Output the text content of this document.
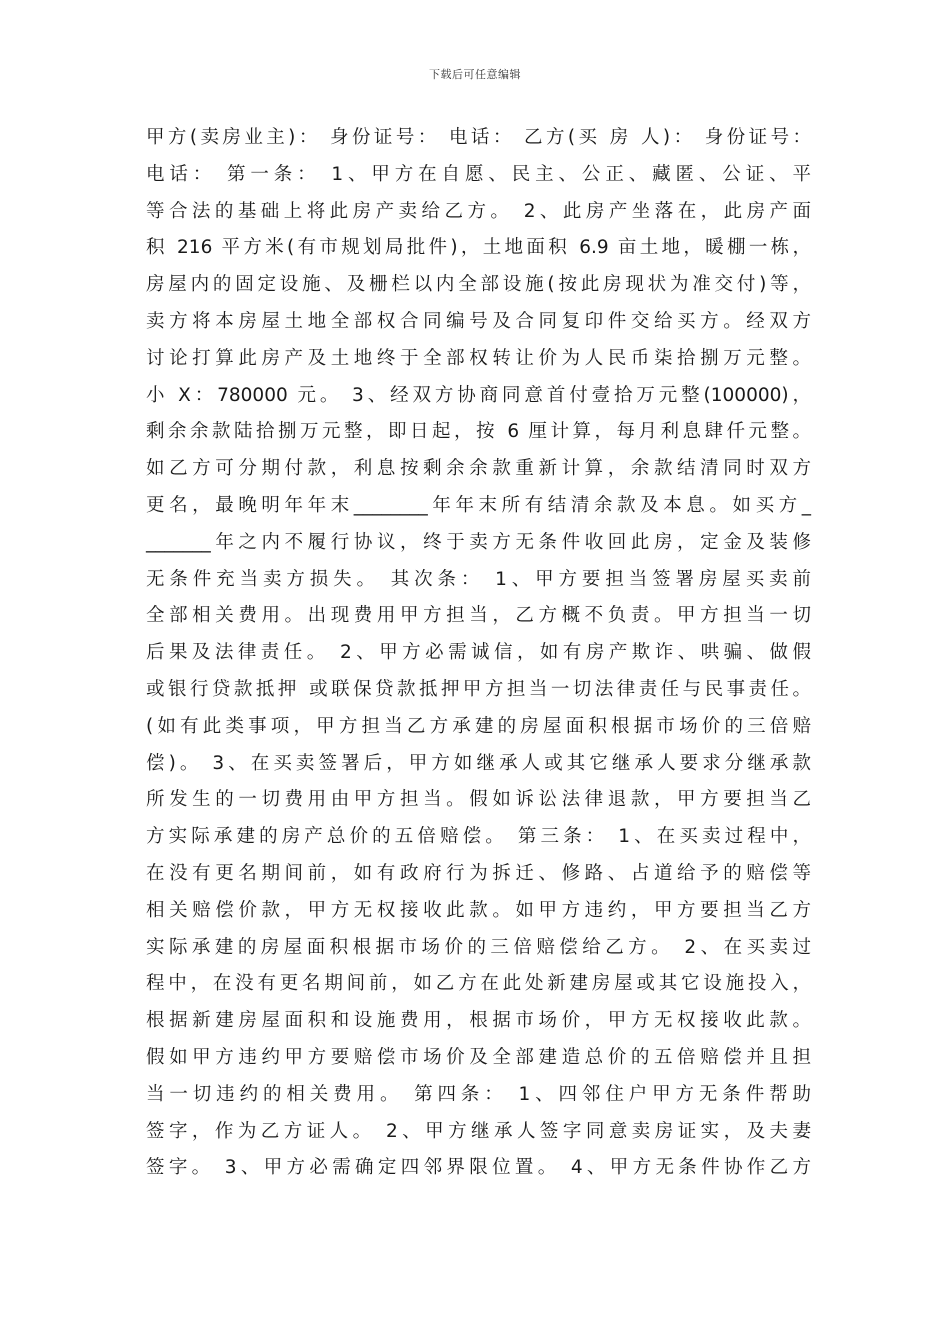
下载后可任意编辑
甲方(卖房业主)： 身份证号： 电话： 乙方(买 房 人)： 身份证号：
电话： 第一条： 1、甲方在自愿、民主、公正、藏匿、公证、平
等合法的基础上将此房产卖给乙方。 2、此房产坐落在，此房产面
积 216 平方米(有市规划局批件)，土地面积 6.9 亩土地，暖棚一栋，
房屋内的固定设施、及栅栏以内全部设施(按此房现状为准交付)等，
卖方将本房屋土地全部权合同编号及合同复印件交给买方。经双方
讨论打算此房产及土地终于全部权转让价为人民币柒拾捌万元整。
小 X：780000 元。 3、经双方协商同意首付壹拾万元整(100000)，
剩余余款陆拾捌万元整，即日起，按 6 厘计算，每月利息肆仟元整。
如乙方可分期付款，利息按剩余余款重新计算，余款结清同时双方
更名，最晚明年年末________年年末所有结清余款及本息。如买方_
_______年之内不履行协议，终于卖方无条件收回此房，定金及装修
无条件充当卖方损失。 其次条： 1、甲方要担当签署房屋买卖前
全部相关费用。出现费用甲方担当，乙方概不负责。甲方担当一切
后果及法律责任。 2、甲方必需诚信，如有房产欺诈、哄骗、做假
或银行贷款抵押 或联保贷款抵押甲方担当一切法律责任与民事责任。
(如有此类事项，甲方担当乙方承建的房屋面积根据市场价的三倍赔
偿)。 3、在买卖签署后，甲方如继承人或其它继承人要求分继承款
所发生的一切费用由甲方担当。假如诉讼法律退款，甲方要担当乙
方实际承建的房产总价的五倍赔偿。 第三条： 1、在买卖过程中，
在没有更名期间前，如有政府行为拆迁、修路、占道给予的赔偿等
相关赔偿价款，甲方无权接收此款。如甲方违约，甲方要担当乙方
实际承建的房屋面积根据市场价的三倍赔偿给乙方。 2、在买卖过
程中，在没有更名期间前，如乙方在此处新建房屋或其它设施投入，
根据新建房屋面积和设施费用，根据市场价，甲方无权接收此款。
假如甲方违约甲方要赔偿市场价及全部建造总价的五倍赔偿并且担
当一切违约的相关费用。 第四条： 1、四邻住户甲方无条件帮助
签字，作为乙方证人。 2、甲方继承人签字同意卖房证实，及夫妻
签字。 3、甲方必需确定四邻界限位置。 4、甲方无条件协作乙方
